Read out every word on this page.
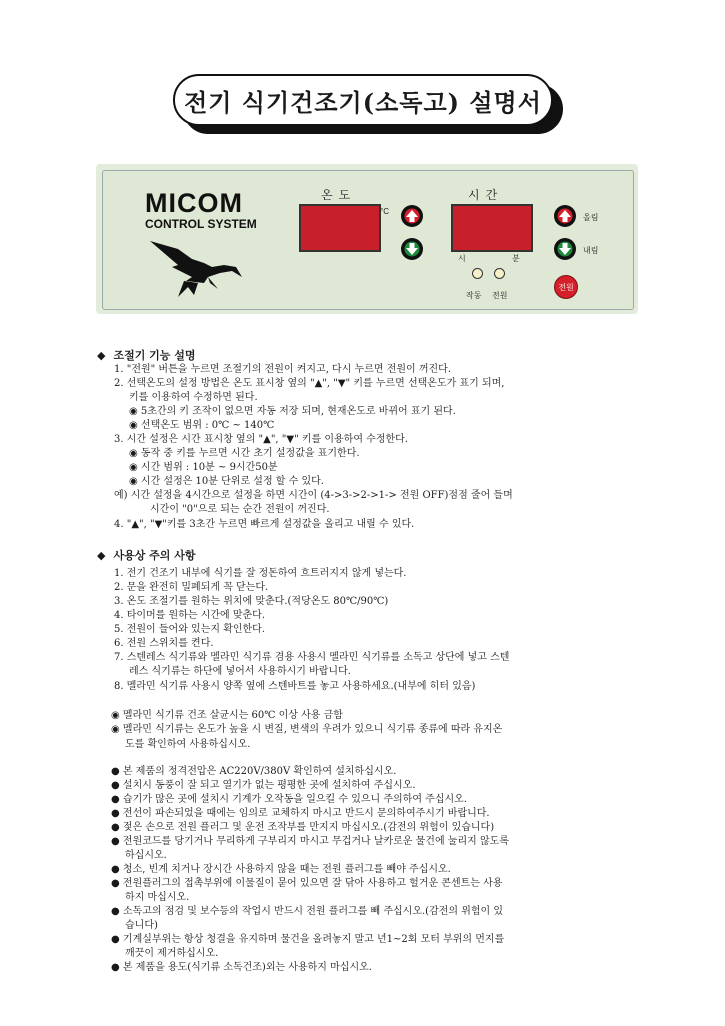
전기 식기건조기(소독고) 설명서
MICOM
CONTROL SYSTEM
온도	시간
°C
시	분
올림
내림
작동 전원
전원
◆ 조절기 기능 설명
1. "전원" 버튼을 누르면 조절기의 전원이 켜지고, 다시 누르면 전원이 꺼진다.
2. 선택온도의 설정 방법은 온도 표시창 옆의 "▲", "▼" 키를 누르면 선택온도가 표기 되며,
키를 이용하여 수정하면 된다.
◉ 5초간의 키 조작이 없으면 자동 저장 되며, 현재온도로 바뀌어 표기 된다.
◉ 선택온도 범위 : 0℃ ~ 140℃
3. 시간 설정은 시간 표시창 옆의 "▲", "▼" 키를 이용하여 수정한다.
◉ 동작 중 키를 누르면 시간 초기 설정값을 표기한다.
◉ 시간 범위 : 10분 ~ 9시간50분
◉ 시간 설정은 10분 단위로 설정 할 수 있다.
예) 시간 설정을 4시간으로 설정을 하면 시간이 (4->3->2->1-> 전원 OFF)점점 줄어 들며
시간이 "0"으로 되는 순간 전원이 꺼진다.
4. "▲", "▼"키를 3초간 누르면 빠르게 설정값을 올리고 내릴 수 있다.
◆ 사용상 주의 사항
1. 전기 건조기 내부에 식기를 잘 정돈하여 흐트러지지 않게 넣는다.
2. 문을 완전히 밀폐되게 꼭 닫는다.
3. 온도 조절기를 원하는 위치에 맞춘다.(적당온도 80℃/90℃)
4. 타이머를 원하는 시간에 맞춘다.
5. 전원이 들어와 있는지 확인한다.
6. 전원 스위치를 켠다.
7. 스텐레스 식기류와 멜라민 식기류 겸용 사용시 멜라민 식기류를 소독고 상단에 넣고 스텐
레스 식기류는 하단에 넣어서 사용하시기 바랍니다.
8. 멜라민 식기류 사용시 양쪽 옆에 스텐바트를 놓고 사용하세요.(내부에 히터 있음)
◉ 멜라민 식기류 건조 살균시는 60℃ 이상 사용 금함
◉ 멜라민 식기류는 온도가 높을 시 변질, 변색의 우려가 있으니 식기류 종류에 따라 유지온
도를 확인하여 사용하십시오.
● 본 제품의 정격전압은 AC220V/380V 확인하여 설치하십시오.
● 설치시 동풍이 잘 되고 열기가 없는 평평한 곳에 설치하여 주십시오.
● 습기가 많은 곳에 설치시 기계가 오작동을 일으킬 수 있으니 주의하여 주십시오.
● 전선이 파손되었을 때에는 임의로 교체하지 마시고 반드시 문의하여주시기 바랍니다.
● 젖은 손으로 전원 플러그 및 운전 조작부를 만지지 마십시오.(감전의 위험이 있습니다)
● 전원코드를 당기거나 무리하게 구부리지 마시고 무겁거나 날카로운 물건에 눌리지 않도록
하십시오.
● 청소, 빈계 치거나 장시간 사용하지 않을 때는 전원 플러그를 빼야 주십시오.
● 전원플러그의 접촉부위에 이물질이 묻어 있으면 잘 닦아 사용하고 헐거운 콘센트는 사용
하지 마십시오.
● 소독고의 점검 및 보수등의 작업시 반드시 전원 플러그를 빼 주십시오.(감전의 위험이 있
습니다)
● 기계실부위는 항상 청결을 유지하며 물건을 올려놓지 말고 년1~2회 모터 부위의 먼지를
깨끗이 제거하십시오.
● 본 제품을 용도(식기류 소독건조)외는 사용하지 마십시오.
